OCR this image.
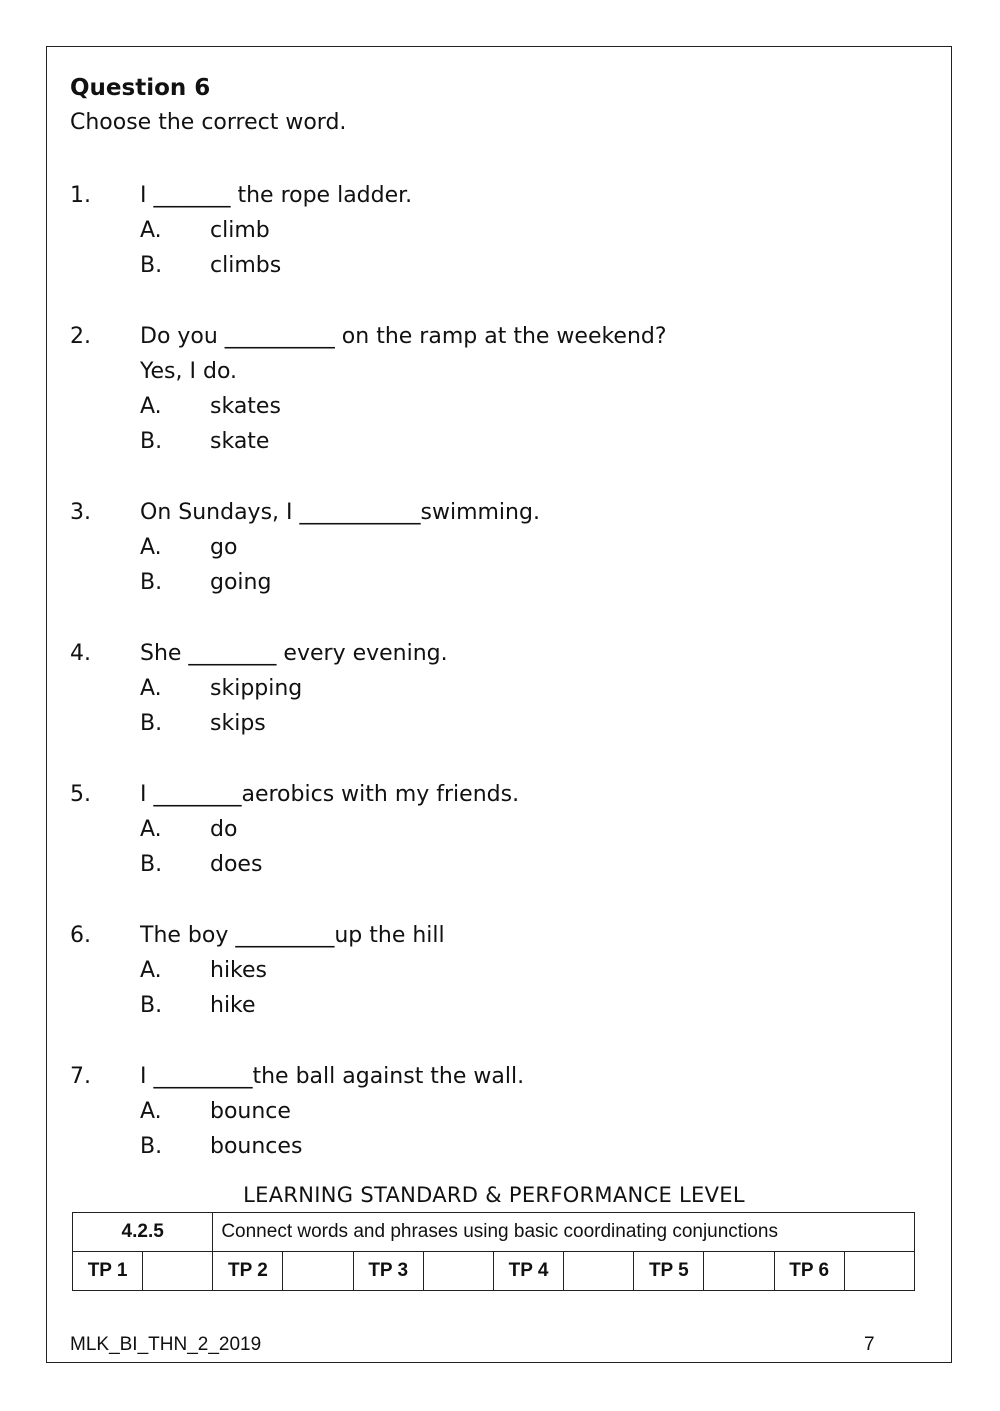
Question 6

Choose the correct word.

1.	I _______ the rope ladder.
A.	climb
B.	climbs
2.	Do you __________ on the ramp at the weekend?
Yes, I do.
A.	skates
B.	skate
3.	On Sundays, I ___________swimming.
A.	go
B.	going
4.	She ________ every evening.
A.	skipping
B.	skips
5.	I ________aerobics with my friends.
A.	do
B.	does
6.	The boy _________up the hill
A.	hikes
B.	hike
7.	I _________the ball against the wall.
A.	bounce
B.	bounces
LEARNING STANDARD & PERFORMANCE LEVEL
4.2.5		Connect words and phrases using basic coordinating conjunctions									
TP 1		TP 2		TP 3		TP 4		TP 5		TP 6	
MLK_BI_THN_2_2019	7
